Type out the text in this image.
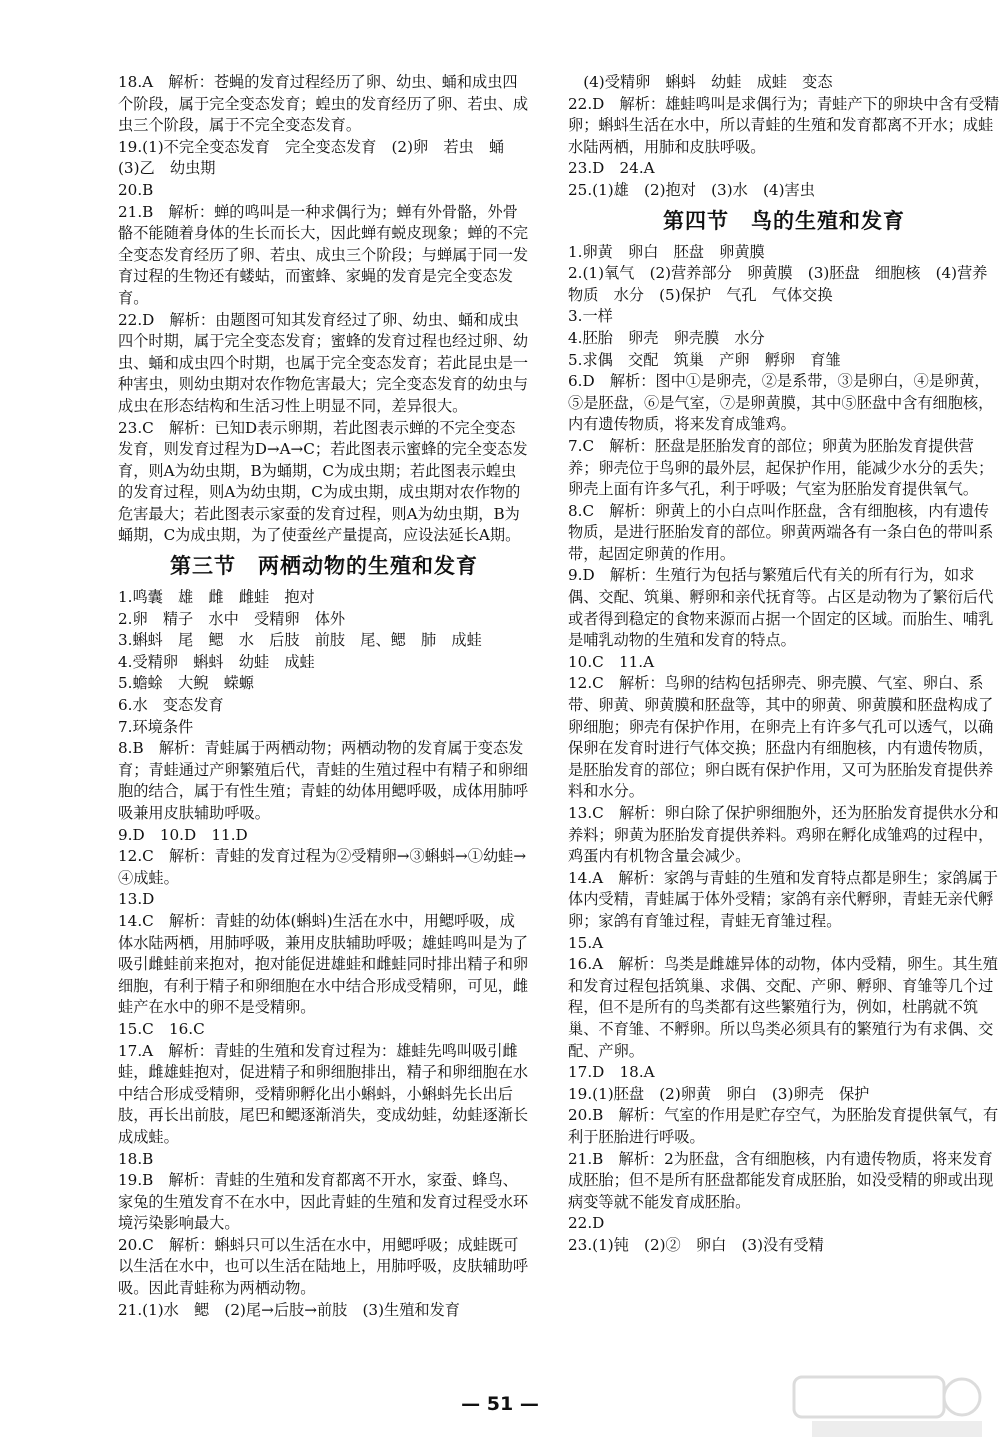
18.A　解析：苍蝇的发育过程经历了卵、幼虫、蛹和成虫四个阶段，属于完全变态发育；蝗虫的发育经历了卵、若虫、成虫三个阶段，属于不完全变态发育。
19.(1)不完全变态发育　完全变态发育　(2)卵　若虫　蛹　(3)乙　幼虫期
20.B
21.B　解析：蝉的鸣叫是一种求偶行为；蝉有外骨骼，外骨骼不能随着身体的生长而长大，因此蝉有蜕皮现象；蝉的不完全变态发育经历了卵、若虫、成虫三个阶段；与蝉属于同一发育过程的生物还有蝼蛄，而蜜蜂、家蝇的发育是完全变态发育。
22.D　解析：由题图可知其发育经过了卵、幼虫、蛹和成虫四个时期，属于完全变态发育；蜜蜂的发育过程也经过卵、幼虫、蛹和成虫四个时期，也属于完全变态发育；若此昆虫是一种害虫，则幼虫期对农作物危害最大；完全变态发育的幼虫与成虫在形态结构和生活习性上明显不同，差异很大。
23.C　解析：已知D表示卵期，若此图表示蝉的不完全变态发育，则发育过程为D→A→C；若此图表示蜜蜂的完全变态发育，则A为幼虫期，B为蛹期，C为成虫期；若此图表示蝗虫的发育过程，则A为幼虫期，C为成虫期，成虫期对农作物的危害最大；若此图表示家蚕的发育过程，则A为幼虫期，B为蛹期，C为成虫期，为了使蚕丝产量提高，应设法延长A期。
第三节　两栖动物的生殖和发育
1.鸣囊　雄　雌　雌蛙　抱对
2.卵　精子　水中　受精卵　体外
3.蝌蚪　尾　鳃　水　后肢　前肢　尾、鳃　肺　成蛙
4.受精卵　蝌蚪　幼蛙　成蛙
5.蟾蜍　大鲵　蝾螈
6.水　变态发育
7.环境条件
8.B　解析：青蛙属于两栖动物；两栖动物的发育属于变态发育；青蛙通过产卵繁殖后代，青蛙的生殖过程中有精子和卵细胞的结合，属于有性生殖；青蛙的幼体用鳃呼吸，成体用肺呼吸兼用皮肤辅助呼吸。
9.D　10.D　11.D
12.C　解析：青蛙的发育过程为②受精卵→③蝌蚪→①幼蛙→④成蛙。
13.D
14.C　解析：青蛙的幼体(蝌蚪)生活在水中，用鳃呼吸，成体水陆两栖，用肺呼吸，兼用皮肤辅助呼吸；雄蛙鸣叫是为了吸引雌蛙前来抱对，抱对能促进雄蛙和雌蛙同时排出精子和卵细胞，有利于精子和卵细胞在水中结合形成受精卵，可见，雌蛙产在水中的卵不是受精卵。
15.C　16.C
17.A　解析：青蛙的生殖和发育过程为：雄蛙先鸣叫吸引雌蛙，雌雄蛙抱对，促进精子和卵细胞排出，精子和卵细胞在水中结合形成受精卵，受精卵孵化出小蝌蚪，小蝌蚪先长出后肢，再长出前肢，尾巴和鳃逐渐消失，变成幼蛙，幼蛙逐渐长成成蛙。
18.B
19.B　解析：青蛙的生殖和发育都离不开水，家蚕、蜂鸟、家兔的生殖发育不在水中，因此青蛙的生殖和发育过程受水环境污染影响最大。
20.C　解析：蝌蚪只可以生活在水中，用鳃呼吸；成蛙既可以生活在水中，也可以生活在陆地上，用肺呼吸，皮肤辅助呼吸。因此青蛙称为两栖动物。
21.(1)水　鳃　(2)尾→后肢→前肢　(3)生殖和发育
　(4)受精卵　蝌蚪　幼蛙　成蛙　变态
22.D　解析：雄蛙鸣叫是求偶行为；青蛙产下的卵块中含有受精卵；蝌蚪生活在水中，所以青蛙的生殖和发育都离不开水；成蛙水陆两栖，用肺和皮肤呼吸。
23.D　24.A
25.(1)雄　(2)抱对　(3)水　(4)害虫
第四节　鸟的生殖和发育
1.卵黄　卵白　胚盘　卵黄膜
2.(1)氧气　(2)营养部分　卵黄膜　(3)胚盘　细胞核　(4)营养物质　水分　(5)保护　气孔　气体交换
3.一样
4.胚胎　卵壳　卵壳膜　水分
5.求偶　交配　筑巢　产卵　孵卵　育雏
6.D　解析：图中①是卵壳，②是系带，③是卵白，④是卵黄，⑤是胚盘，⑥是气室，⑦是卵黄膜，其中⑤胚盘中含有细胞核，内有遗传物质，将来发育成雏鸡。
7.C　解析：胚盘是胚胎发育的部位；卵黄为胚胎发育提供营养；卵壳位于鸟卵的最外层，起保护作用，能减少水分的丢失；卵壳上面有许多气孔，利于呼吸；气室为胚胎发育提供氧气。
8.C　解析：卵黄上的小白点叫作胚盘，含有细胞核，内有遗传物质，是进行胚胎发育的部位。卵黄两端各有一条白色的带叫系带，起固定卵黄的作用。
9.D　解析：生殖行为包括与繁殖后代有关的所有行为，如求偶、交配、筑巢、孵卵和亲代抚育等。占区是动物为了繁衍后代或者得到稳定的食物来源而占据一个固定的区域。而胎生、哺乳是哺乳动物的生殖和发育的特点。
10.C　11.A
12.C　解析：鸟卵的结构包括卵壳、卵壳膜、气室、卵白、系带、卵黄、卵黄膜和胚盘等，其中的卵黄、卵黄膜和胚盘构成了卵细胞；卵壳有保护作用，在卵壳上有许多气孔可以透气，以确保卵在发育时进行气体交换；胚盘内有细胞核，内有遗传物质，是胚胎发育的部位；卵白既有保护作用，又可为胚胎发育提供养料和水分。
13.C　解析：卵白除了保护卵细胞外，还为胚胎发育提供水分和养料；卵黄为胚胎发育提供养料。鸡卵在孵化成雏鸡的过程中，鸡蛋内有机物含量会减少。
14.A　解析：家鸽与青蛙的生殖和发育特点都是卵生；家鸽属于体内受精，青蛙属于体外受精；家鸽有亲代孵卵，青蛙无亲代孵卵；家鸽有育雏过程，青蛙无育雏过程。
15.A
16.A　解析：鸟类是雌雄异体的动物，体内受精，卵生。其生殖和发育过程包括筑巢、求偶、交配、产卵、孵卵、育雏等几个过程，但不是所有的鸟类都有这些繁殖行为，例如，杜鹃就不筑巢、不育雏、不孵卵。所以鸟类必须具有的繁殖行为有求偶、交配、产卵。
17.D　18.A
19.(1)胚盘　(2)卵黄　卵白　(3)卵壳　保护
20.B　解析：气室的作用是贮存空气，为胚胎发育提供氧气，有利于胚胎进行呼吸。
21.B　解析：2为胚盘，含有细胞核，内有遗传物质，将来发育成胚胎；但不是所有胚盘都能发育成胚胎，如没受精的卵或出现病变等就不能发育成胚胎。
22.D
23.(1)钝　(2)②　卵白　(3)没有受精
— 51 —
